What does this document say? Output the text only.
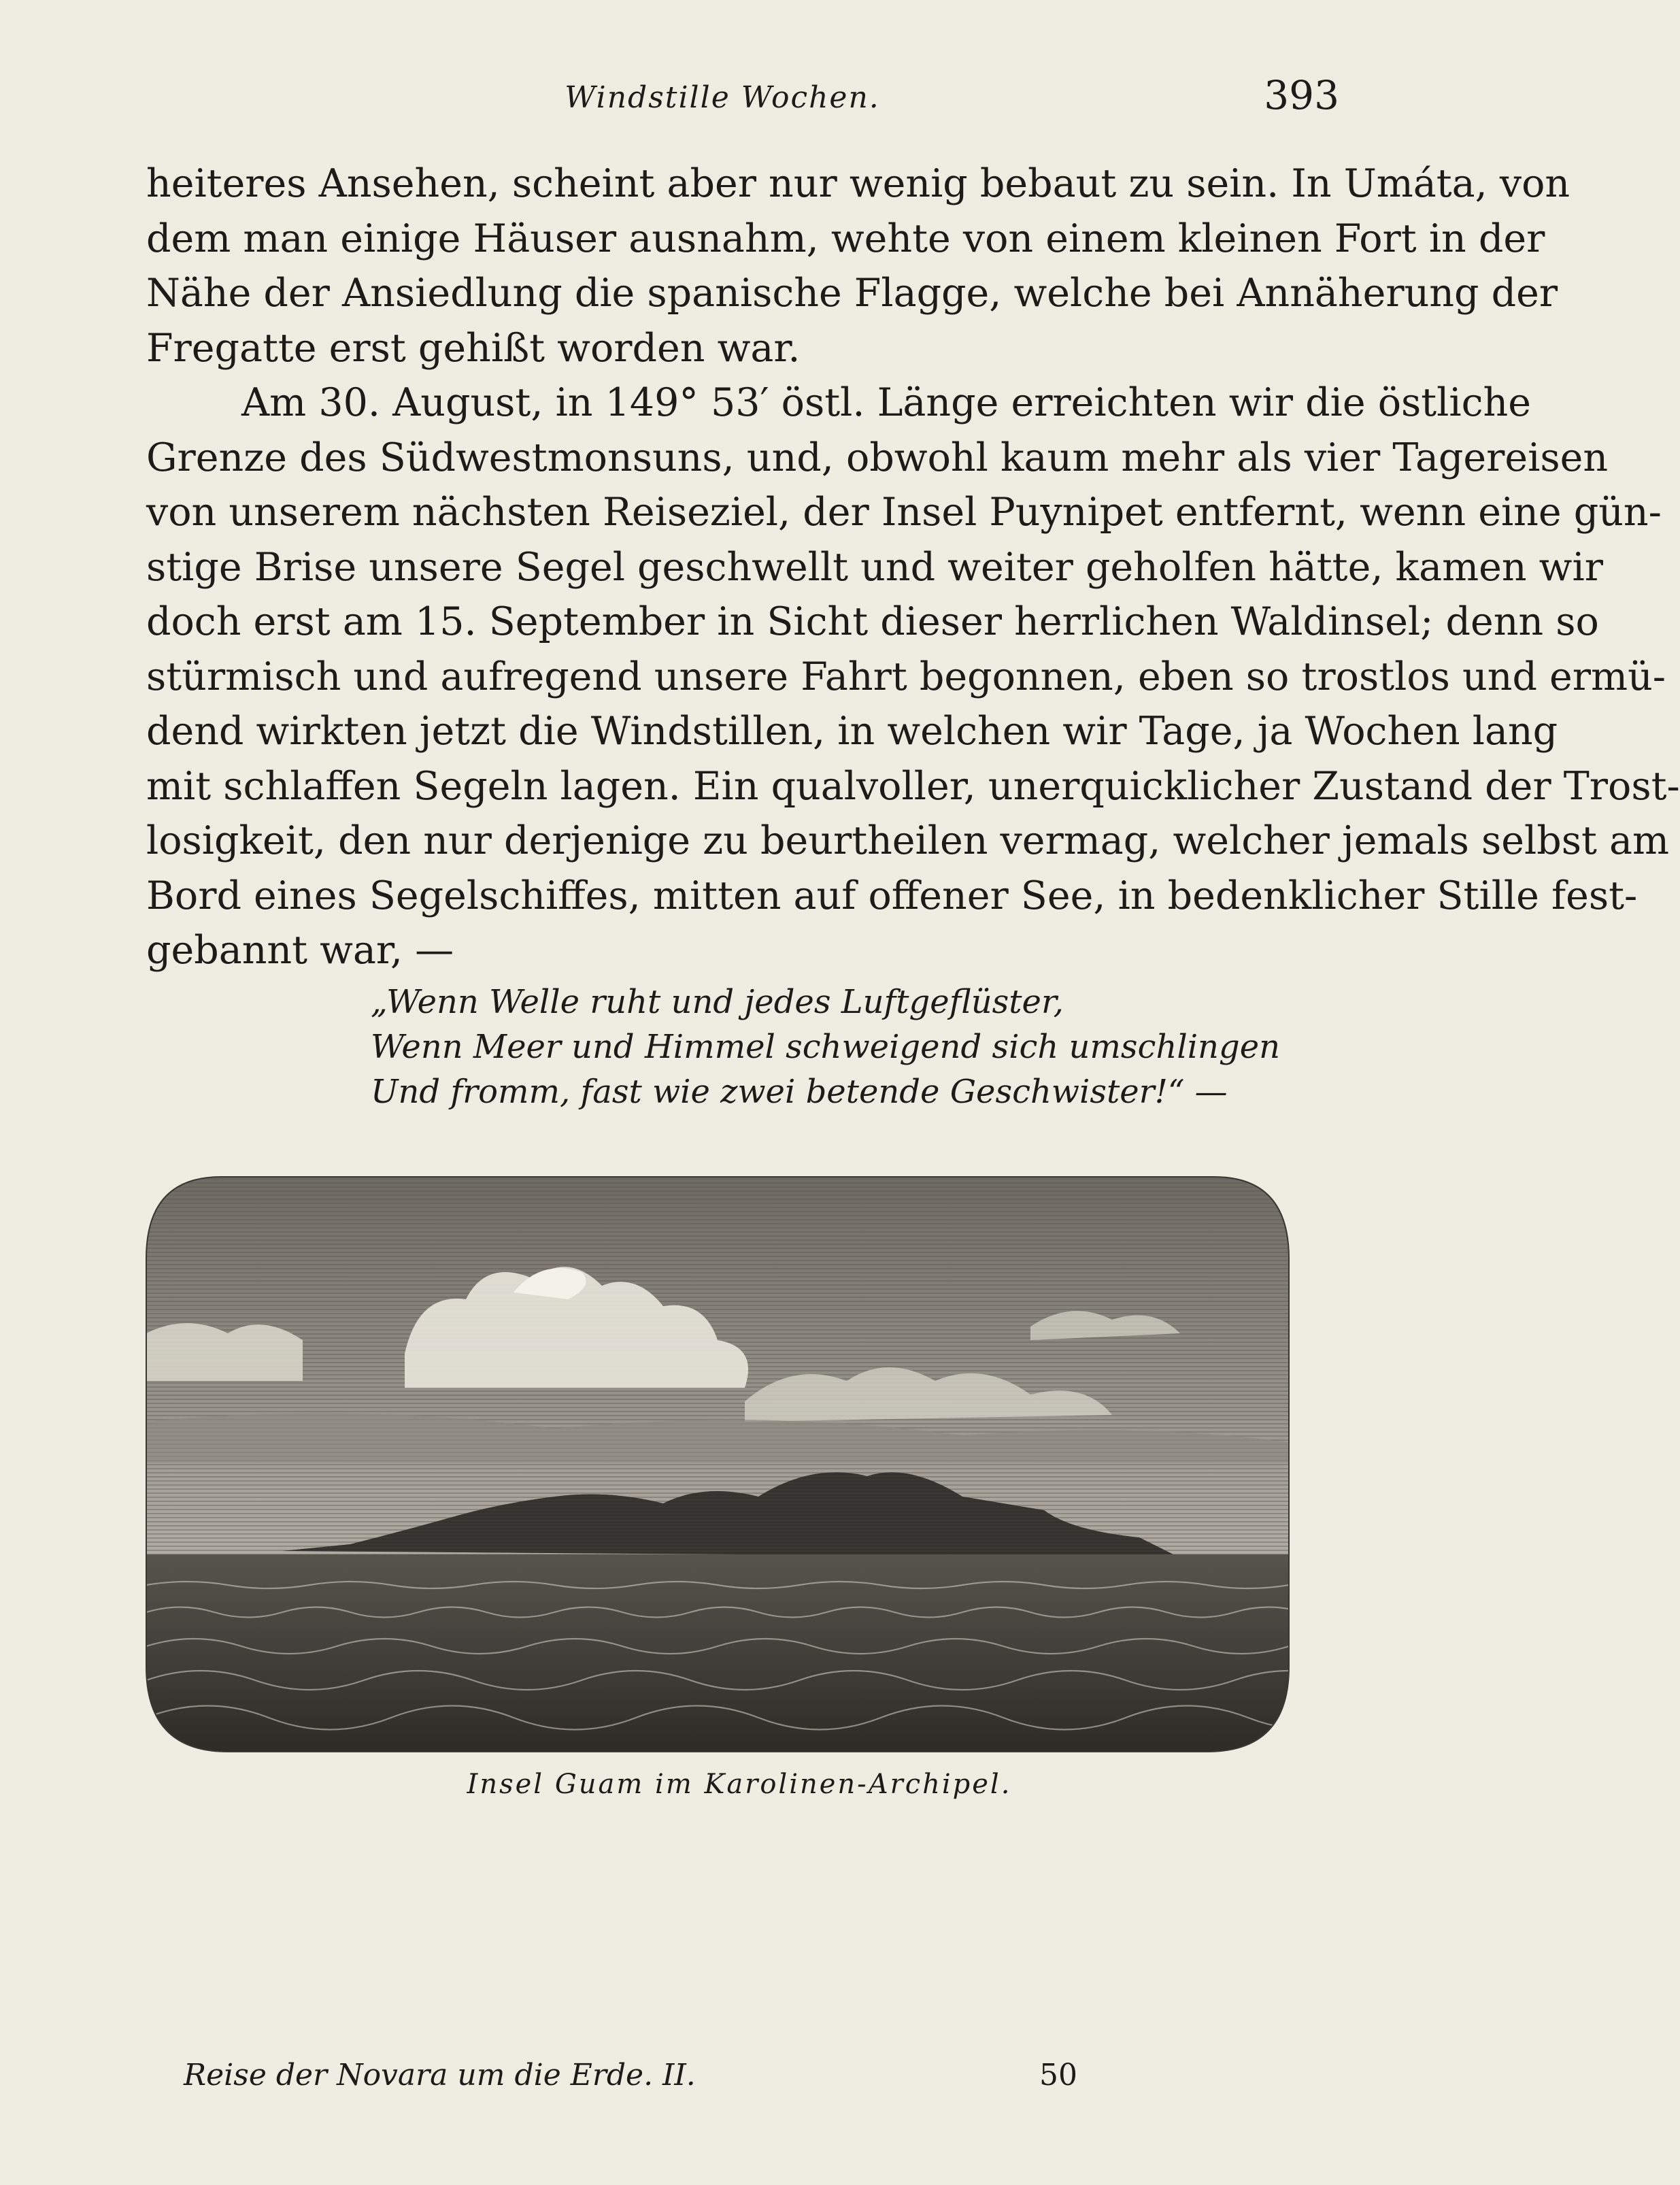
Windstille Wochen.	393
heiteres Ansehen, scheint aber nur wenig bebaut zu sein. In Umáta, von
dem man einige Häuser ausnahm, wehte von einem kleinen Fort in der
Nähe der Ansiedlung die spanische Flagge, welche bei Annäherung der
Fregatte erst gehißt worden war.
Am 30. August, in 149° 53′ östl. Länge erreichten wir die östliche
Grenze des Südwestmonsuns, und, obwohl kaum mehr als vier Tagereisen
von unserem nächsten Reiseziel, der Insel Puynipet entfernt, wenn eine gün-
stige Brise unsere Segel geschwellt und weiter geholfen hätte, kamen wir
doch erst am 15. September in Sicht dieser herrlichen Waldinsel; denn so
stürmisch und aufregend unsere Fahrt begonnen, eben so trostlos und ermü-
dend wirkten jetzt die Windstillen, in welchen wir Tage, ja Wochen lang
mit schlaffen Segeln lagen. Ein qualvoller, unerquicklicher Zustand der Trost-
losigkeit, den nur derjenige zu beurtheilen vermag, welcher jemals selbst am
Bord eines Segelschiffes, mitten auf offener See, in bedenklicher Stille fest-
gebannt war, —
„Wenn Welle ruht und jedes Luftgeflüster,
Wenn Meer und Himmel schweigend sich umschlingen
Und fromm, fast wie zwei betende Geschwister!“ —
Insel Guam im Karolinen-Archipel.
Reise der Novara um die Erde. II.	50
